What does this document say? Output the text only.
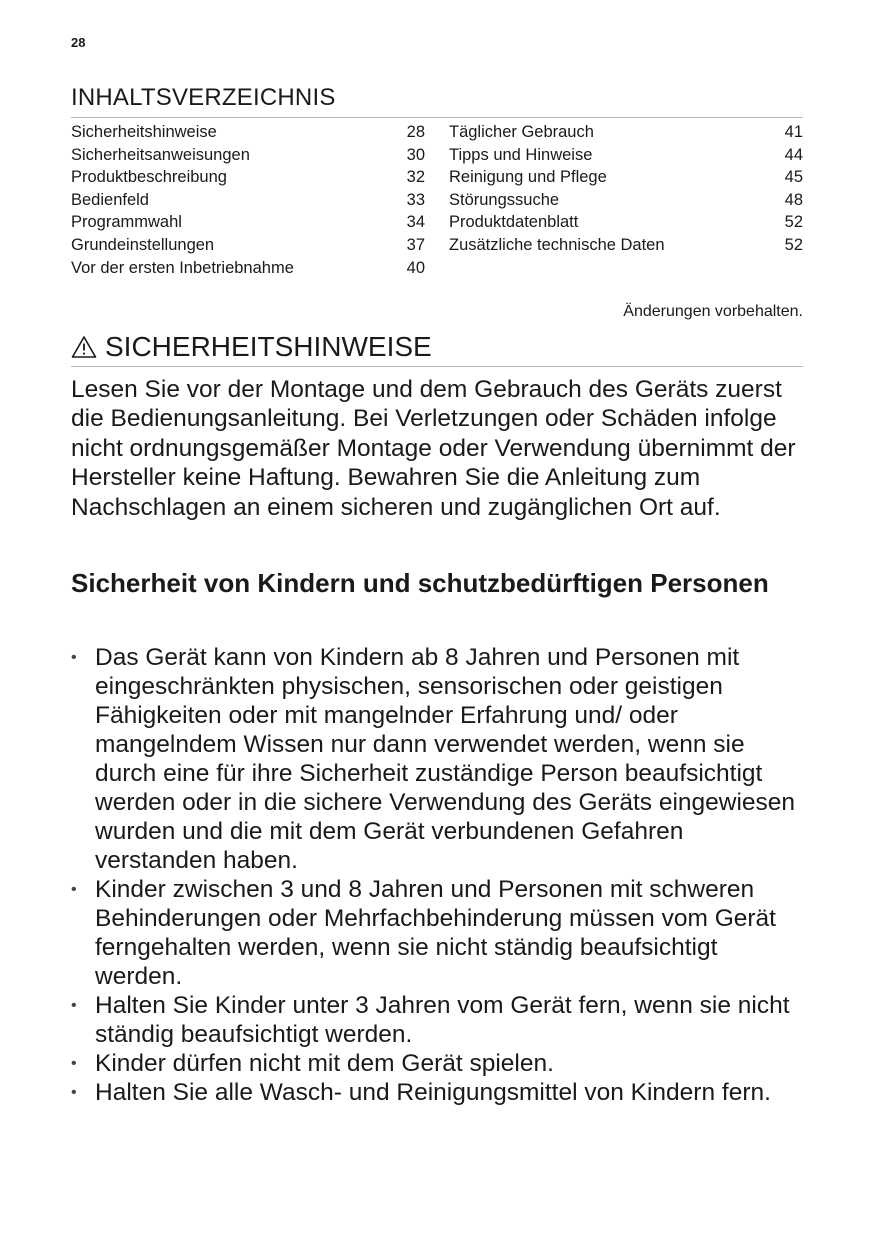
28
INHALTSVERZEICHNIS
Sicherheitshinweise	28
Sicherheitsanweisungen	30
Produktbeschreibung	32
Bedienfeld	33
Programmwahl	34
Grundeinstellungen	37
Vor der ersten Inbetriebnahme	40
Täglicher Gebrauch	41
Tipps und Hinweise	44
Reinigung und Pflege	45
Störungssuche	48
Produktdatenblatt	52
Zusätzliche technische Daten	52
Änderungen vorbehalten.
SICHERHEITSHINWEISE

Lesen Sie vor der Montage und dem Gebrauch des Geräts zuerst die Bedienungsanleitung. Bei Verletzungen oder Schäden infolge nicht ordnungsgemäßer Montage oder Verwendung übernimmt der Hersteller keine Haftung. Bewahren Sie die Anleitung zum Nachschlagen an einem sicheren und zugänglichen Ort auf.

Sicherheit von Kindern und schutzbedürftigen Personen
• Das Gerät kann von Kindern ab 8 Jahren und Personen mit eingeschränkten physischen, sensorischen oder geistigen Fähigkeiten oder mit mangelnder Erfahrung und/ oder mangelndem Wissen nur dann verwendet werden, wenn sie durch eine für ihre Sicherheit zuständige Person beaufsichtigt werden oder in die sichere Verwendung des Geräts eingewiesen wurden und die mit dem Gerät verbundenen Gefahren verstanden haben.
• Kinder zwischen 3 und 8 Jahren und Personen mit schweren Behinderungen oder Mehrfachbehinderung müssen vom Gerät ferngehalten werden, wenn sie nicht ständig beaufsichtigt werden.
• Halten Sie Kinder unter 3 Jahren vom Gerät fern, wenn sie nicht ständig beaufsichtigt werden.
• Kinder dürfen nicht mit dem Gerät spielen.
• Halten Sie alle Wasch- und Reinigungsmittel von Kindern fern.
